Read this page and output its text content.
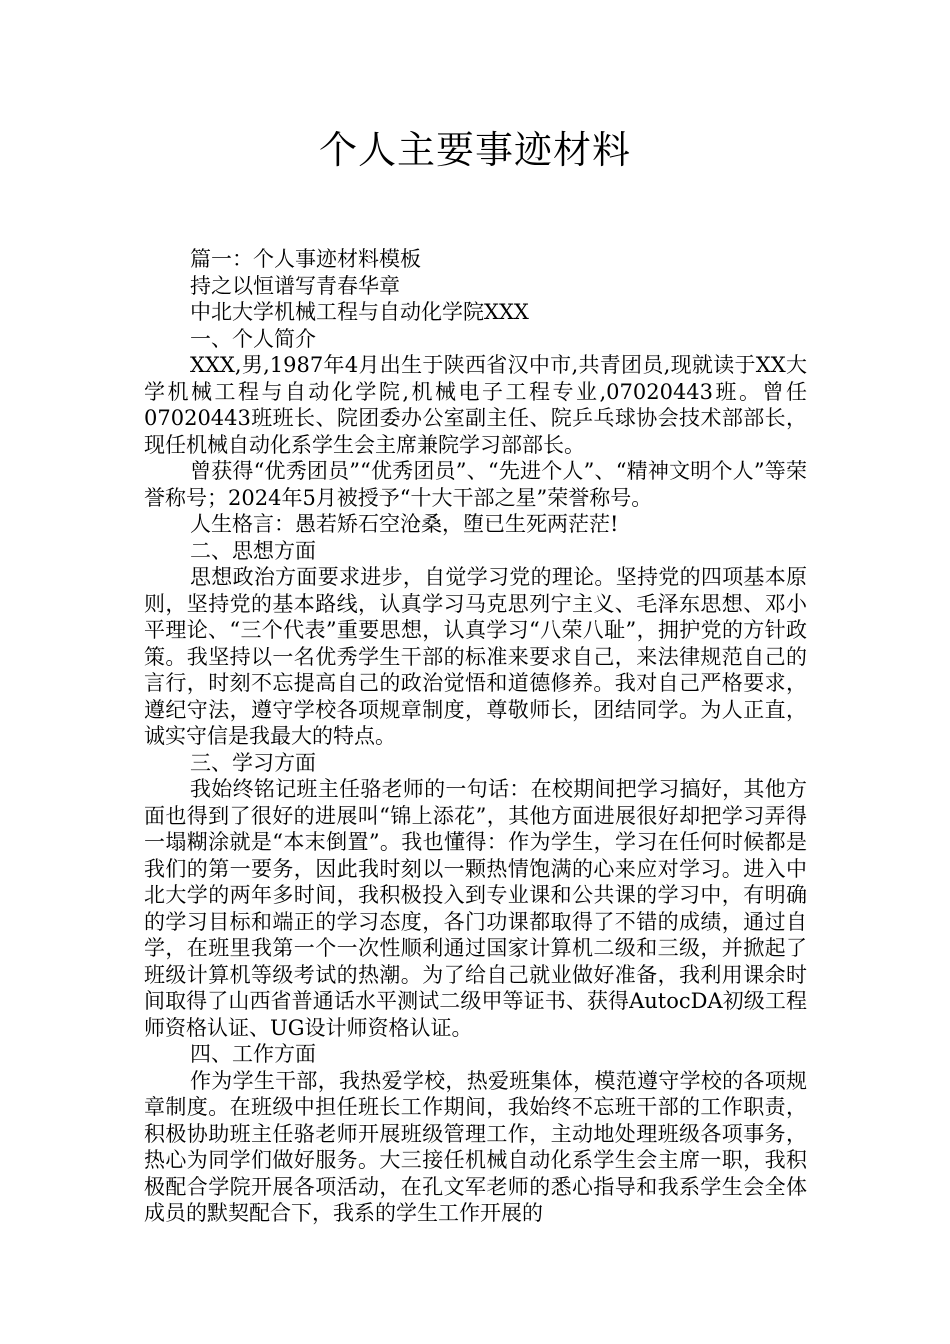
个人主要事迹材料

篇一：个人事迹材料模板

持之以恒谱写青春华章

中北大学机械工程与自动化学院XXX

一、个人简介

XXX,男,1987年4月出生于陕西省汉中市,共青团员,现就读于XX大学机械工程与自动化学院,机械电子工程专业,07020443班。曾任07020443班班长、院团委办公室副主任、院乒乓球协会技术部部长，现任机械自动化系学生会主席兼院学习部部长。

曾获得“优秀团员”“优秀团员”、“先进个人”、“精神文明个人”等荣誉称号；2024年5月被授予“十大干部之星”荣誉称号。

人生格言：愚若矫石空沧桑，堕已生死两茫茫!

二、思想方面

思想政治方面要求进步，自觉学习党的理论。坚持党的四项基本原则，坚持党的基本路线，认真学习马克思列宁主义、毛泽东思想、邓小平理论、“三个代表”重要思想，认真学习“八荣八耻”，拥护党的方针政策。我坚持以一名优秀学生干部的标准来要求自己，来法律规范自己的言行，时刻不忘提高自己的政治觉悟和道德修养。我对自己严格要求，遵纪守法，遵守学校各项规章制度，尊敬师长，团结同学。为人正直，诚实守信是我最大的特点。

三、学习方面

我始终铭记班主任骆老师的一句话：在校期间把学习搞好，其他方面也得到了很好的进展叫“锦上添花”，其他方面进展很好却把学习弄得一塌糊涂就是“本末倒置”。我也懂得：作为学生，学习在任何时候都是我们的第一要务，因此我时刻以一颗热情饱满的心来应对学习。进入中北大学的两年多时间，我积极投入到专业课和公共课的学习中，有明确的学习目标和端正的学习态度，各门功课都取得了不错的成绩，通过自学，在班里我第一个一次性顺利通过国家计算机二级和三级，并掀起了班级计算机等级考试的热潮。为了给自己就业做好准备，我利用课余时间取得了山西省普通话水平测试二级甲等证书、获得AutocDA初级工程师资格认证、UG设计师资格认证。

四、工作方面

作为学生干部，我热爱学校，热爱班集体，模范遵守学校的各项规章制度。在班级中担任班长工作期间，我始终不忘班干部的工作职责，积极协助班主任骆老师开展班级管理工作，主动地处理班级各项事务，热心为同学们做好服务。大三接任机械自动化系学生会主席一职，我积极配合学院开展各项活动，在孔文军老师的悉心指导和我系学生会全体成员的默契配合下，我系的学生工作开展的
